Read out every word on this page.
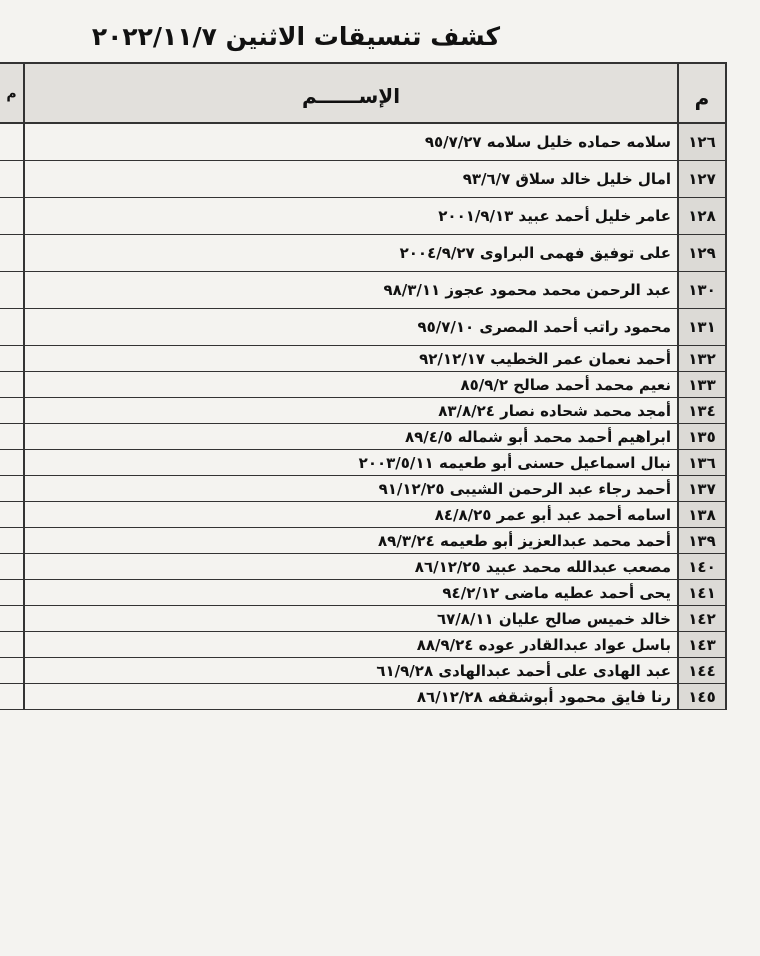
كشف تنسيقات الاثنين ٢٠٢٢/١١/٧
م	الإســــــم	م
سلامه حماده خليل سلامه ٩٥/٧/٢٧	١٢٦
امال خليل خالد سلاق ٩٣/٦/٧	١٢٧
عامر خليل أحمد عبيد ٢٠٠١/٩/١٣	١٢٨
على توفيق فهمى البراوى ٢٠٠٤/٩/٢٧	١٢٩
عبد الرحمن محمد محمود عجوز ٩٨/٣/١١	١٣٠
محمود راتب أحمد المصرى ٩٥/٧/١٠	١٣١
أحمد نعمان عمر الخطيب ٩٢/١٢/١٧	١٣٢
نعيم محمد أحمد صالح ٨٥/٩/٢	١٣٣
أمجد محمد شحاده نصار ٨٣/٨/٢٤	١٣٤
ابراهيم أحمد محمد أبو شماله ٨٩/٤/٥	١٣٥
نبال اسماعيل حسنى أبو طعيمه ٢٠٠٣/٥/١١	١٣٦
أحمد رجاء عبد الرحمن الشيبى ٩١/١٢/٢٥	١٣٧
اسامه أحمد عبد أبو عمر ٨٤/٨/٢٥	١٣٨
أحمد محمد عبدالعزيز أبو طعيمه ٨٩/٣/٢٤	١٣٩
مصعب عبدالله محمد عبيد ٨٦/١٢/٢٥	١٤٠
يحى أحمد عطيه ماضى ٩٤/٢/١٢	١٤١
خالد خميس صالح عليان ٦٧/٨/١١	١٤٢
باسل عواد عبدالقادر عوده ٨٨/٩/٢٤	١٤٣
عبد الهادى على أحمد عبدالهادى ٦١/٩/٢٨	١٤٤
رنا فايق محمود أبوشقفه ٨٦/١٢/٢٨	١٤٥
